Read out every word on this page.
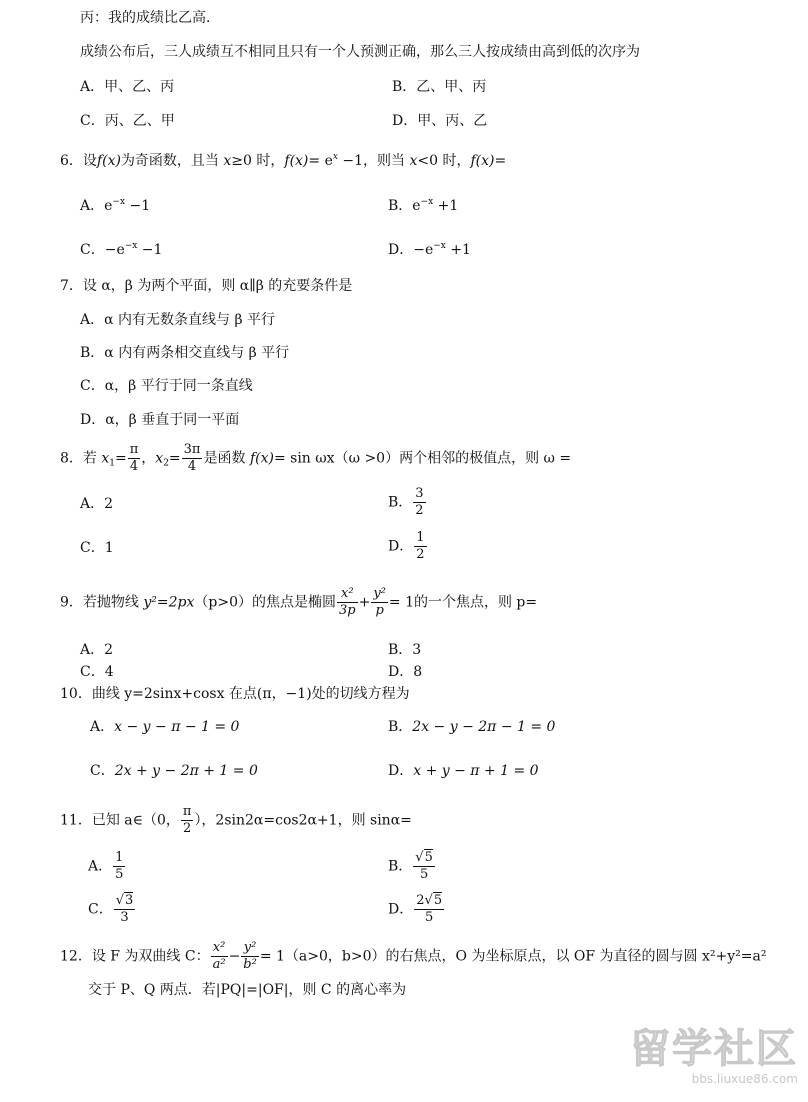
丙：我的成绩比乙高．
成绩公布后，三人成绩互不相同且只有一个人预测正确，那么三人按成绩由高到低的次序为
A．甲、乙、丙	B．乙、甲、丙
C．丙、乙、甲	D．甲、丙、乙
6．设f(x)为奇函数，且当 x≥0 时，$f(x)= e^x -1$，则当 x<0 时，f(x)=
A．$e^{-x} -1$	B．$e^{-x} +1$
C．$-e^{-x} -1$	D．$-e^{-x} +1$
7．设 α，β 为两个平面，则 α∥β 的充要条件是
A．α 内有无数条直线与 β 平行
B．α 内有两条相交直线与 β 平行
C．α，β 平行于同一条直线
D．α，β 垂直于同一平面
8．若 $x_1= \frac{\pi}{4}$ ，$x_2= \frac{3\pi}{4}$ 是函数 f(x)= sin ωx（ω >0）两个相邻的极值点，则 ω =
A．2	B． $\frac{3}{2}$
C．1	D． $\frac{1}{2}$
9．若抛物线 y²=2px（p>0）的焦点是椭圆 $\frac{\text{x²}}{3p} + \frac{\text{y²}}{p} = 1$的一个焦点，则 p=
A．2	B．3
C．4	D．8
10．曲线 y=2sinx+cosx 在点(π，−1)处的切线方程为
A．x − y − π − 1 = 0	B．2x − y − 2π − 1 = 0
C．2x + y − 2π + 1 = 0	D．x + y − π + 1 = 0
11．已知 a∈（0， $\frac{\pi}{2}$ ），2sin2α=cos2α+1，则 sinα=
A． $\frac{1}{5}$	B． $\frac{√5}{5}$
C． $\frac{√3}{3}$	D． $\frac{2√5}{5}$
12．设 F 为双曲线 C： $\frac{\text{x²}}{\text{a²}} - \frac{\text{y²}}{\text{b²}} = 1(a>0$，b>0）的右焦点，O 为坐标原点，以 OF 为直径的圆与圆 x²+y²=a²
交于 P、Q 两点．若|PQ|=|OF|，则 C 的离心率为
留学社区
bbs.liuxue86.com
